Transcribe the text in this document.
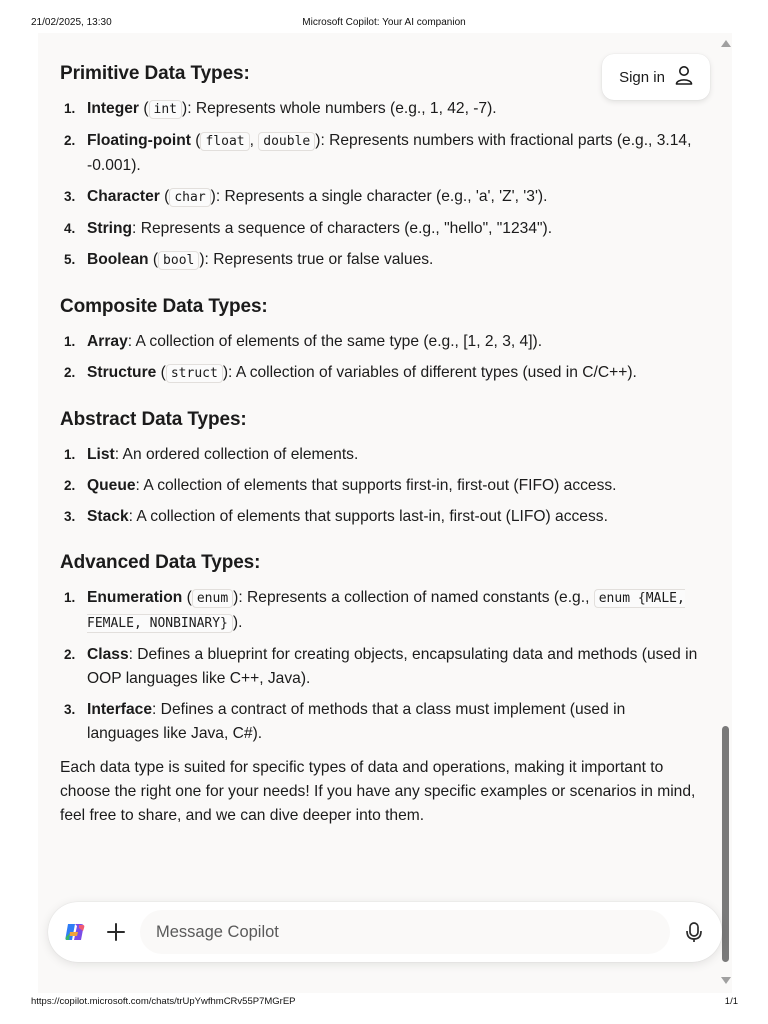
21/02/2025, 13:30	Microsoft Copilot: Your AI companion
Primitive Data Types:
1. Integer ( int ): Represents whole numbers (e.g., 1, 42, -7).
2. Floating-point ( float , double ): Represents numbers with fractional parts (e.g., 3.14, -0.001).
3. Character ( char ): Represents a single character (e.g., 'a', 'Z', '3').
4. String: Represents a sequence of characters (e.g., "hello", "1234").
5. Boolean ( bool ): Represents true or false values.
Composite Data Types:
1. Array: A collection of elements of the same type (e.g., [1, 2, 3, 4]).
2. Structure ( struct ): A collection of variables of different types (used in C/C++).
Abstract Data Types:
1. List: An ordered collection of elements.
2. Queue: A collection of elements that supports first-in, first-out (FIFO) access.
3. Stack: A collection of elements that supports last-in, first-out (LIFO) access.
Advanced Data Types:
1. Enumeration ( enum ): Represents a collection of named constants (e.g., enum {MALE, FEMALE, NONBINARY} ).
2. Class: Defines a blueprint for creating objects, encapsulating data and methods (used in OOP languages like C++, Java).
3. Interface: Defines a contract of methods that a class must implement (used in languages like Java, C#).

Each data type is suited for specific types of data and operations, making it important to choose the right one for your needs! If you have any specific examples or scenarios in mind, feel free to share, and we can dive deeper into them.

Sign in
Message Copilot
https://copilot.microsoft.com/chats/trUpYwfhmCRv55P7MGrEP	1/1
